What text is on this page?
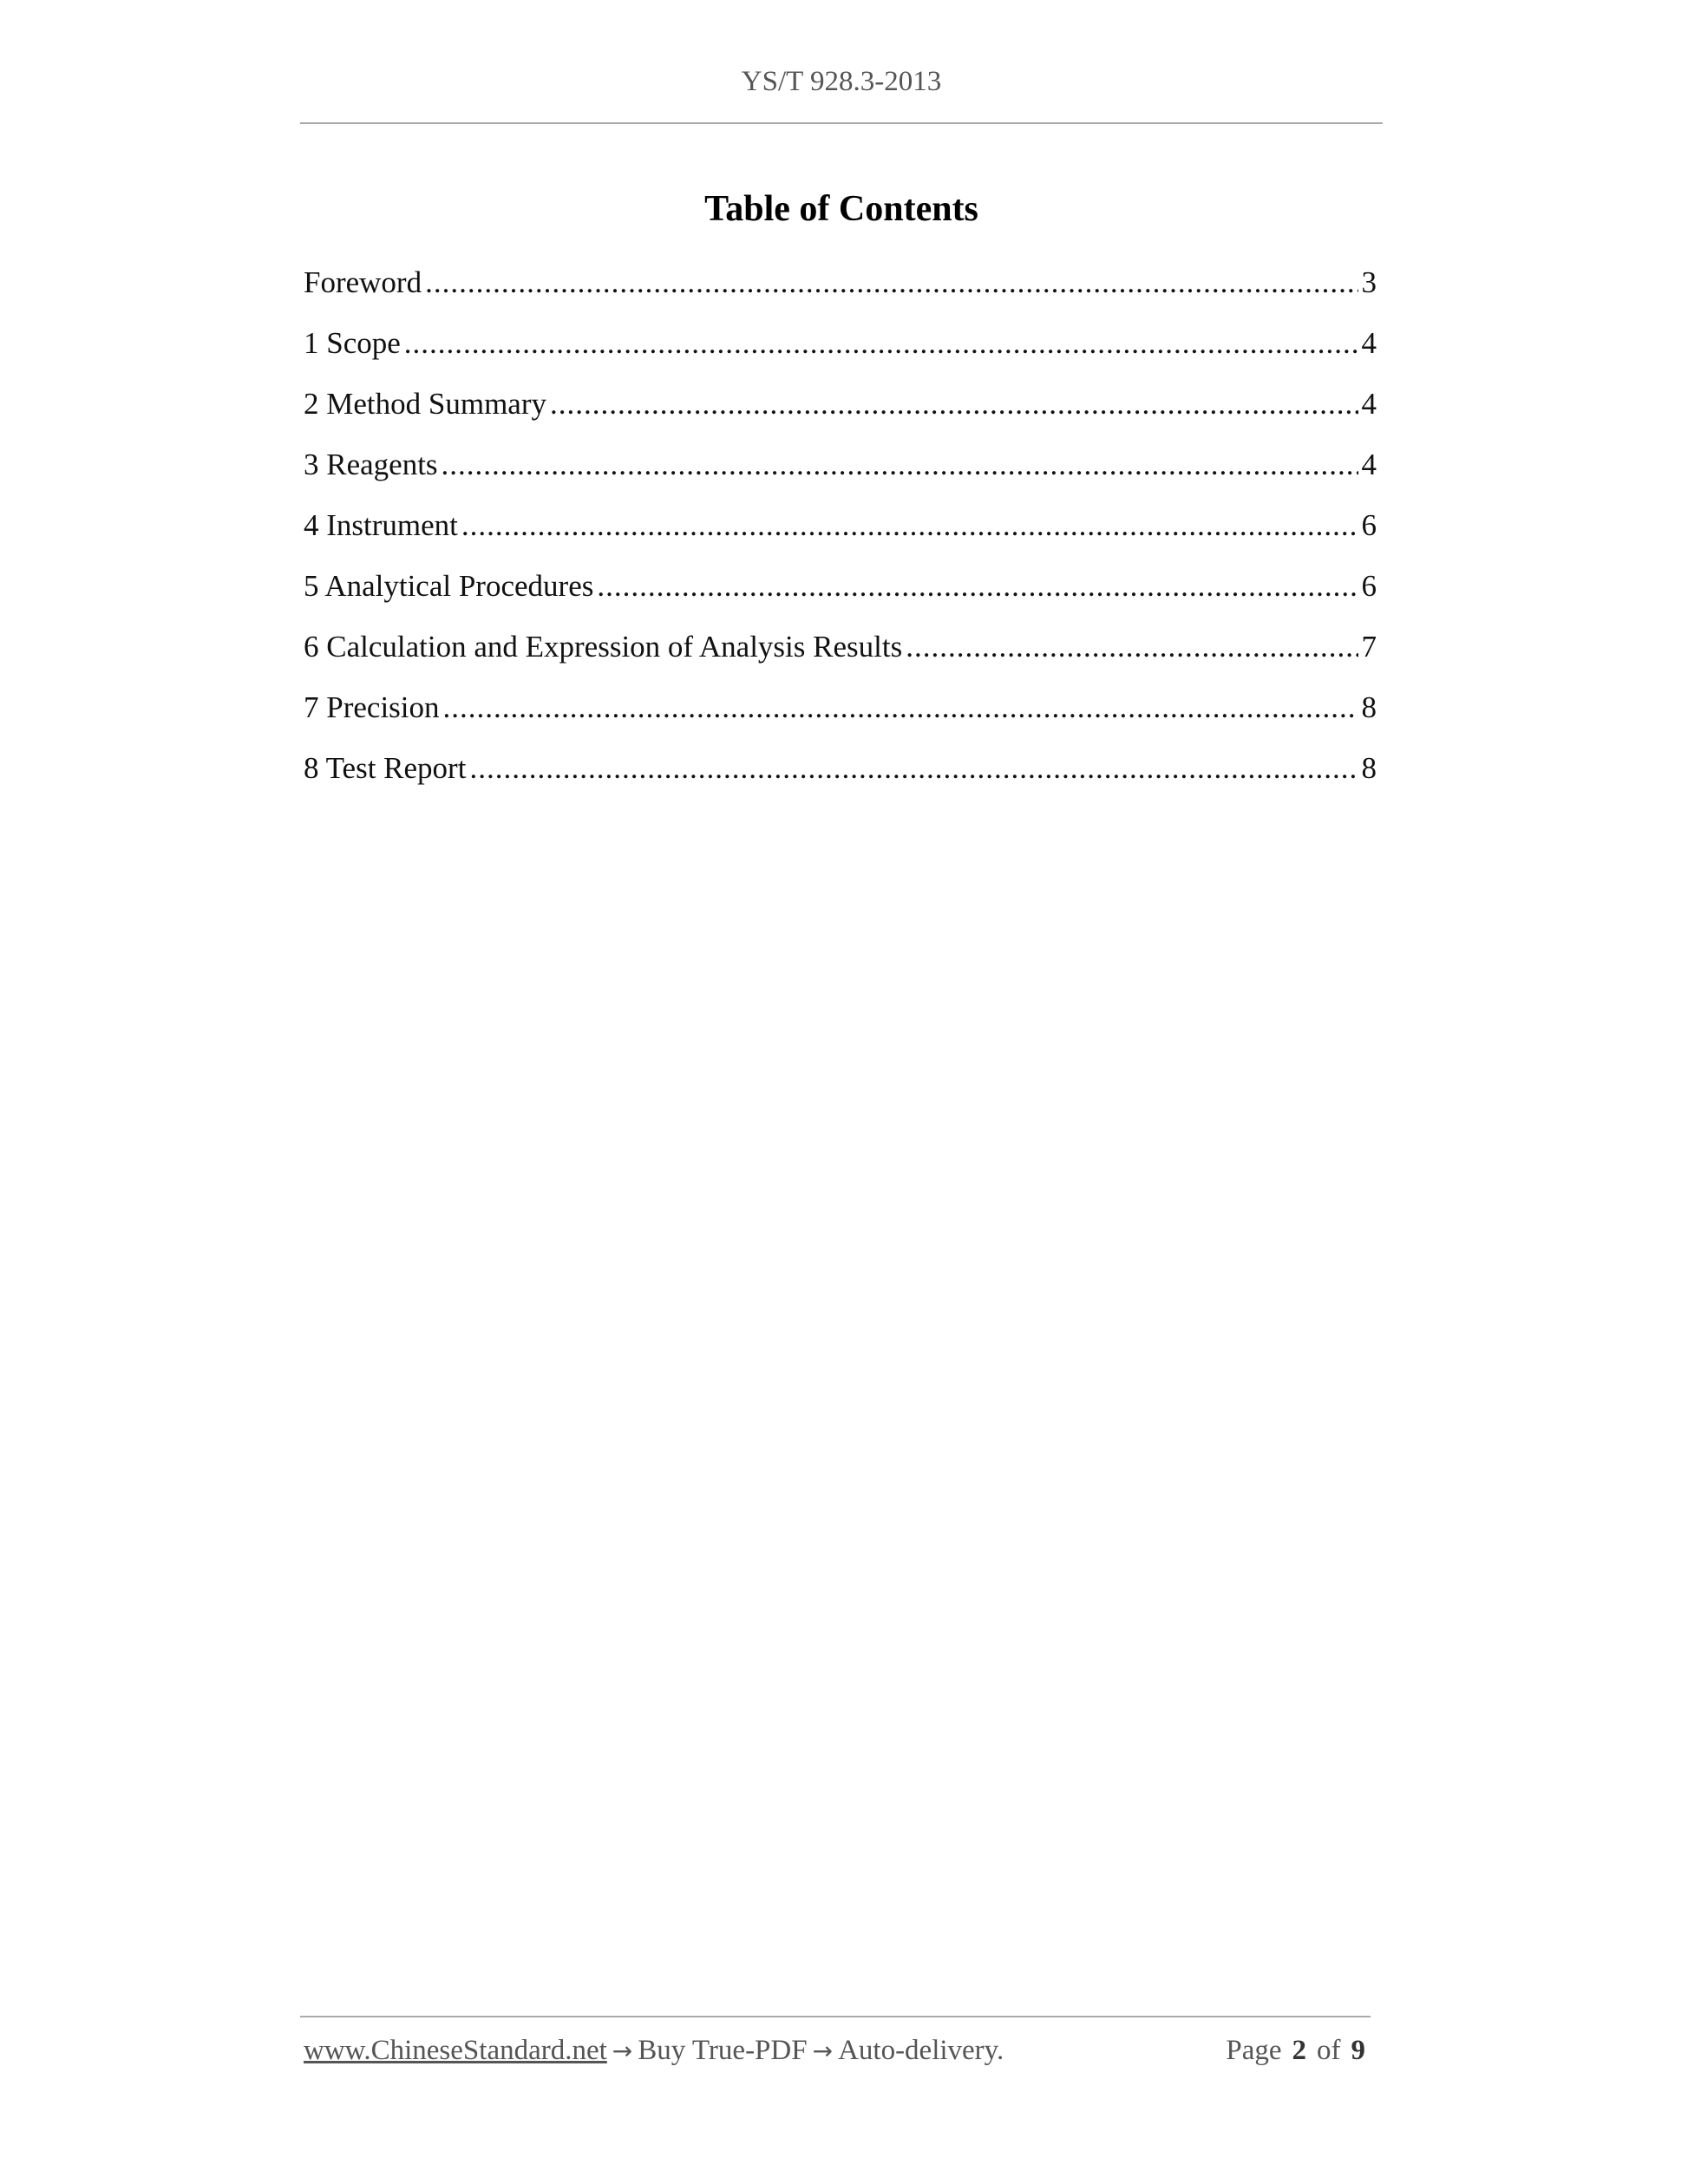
YS/T 928.3-2013
Table of Contents
Foreword .....	3
1 Scope .....	4
2 Method Summary .....	4
3 Reagents .....	4
4 Instrument .....	6
5 Analytical Procedures .....	6
6 Calculation and Expression of Analysis Results .....	7
7 Precision .....	8
8 Test Report .....	8
www.ChineseStandard.net → Buy True-PDF → Auto-delivery.	Page 2 of 9
